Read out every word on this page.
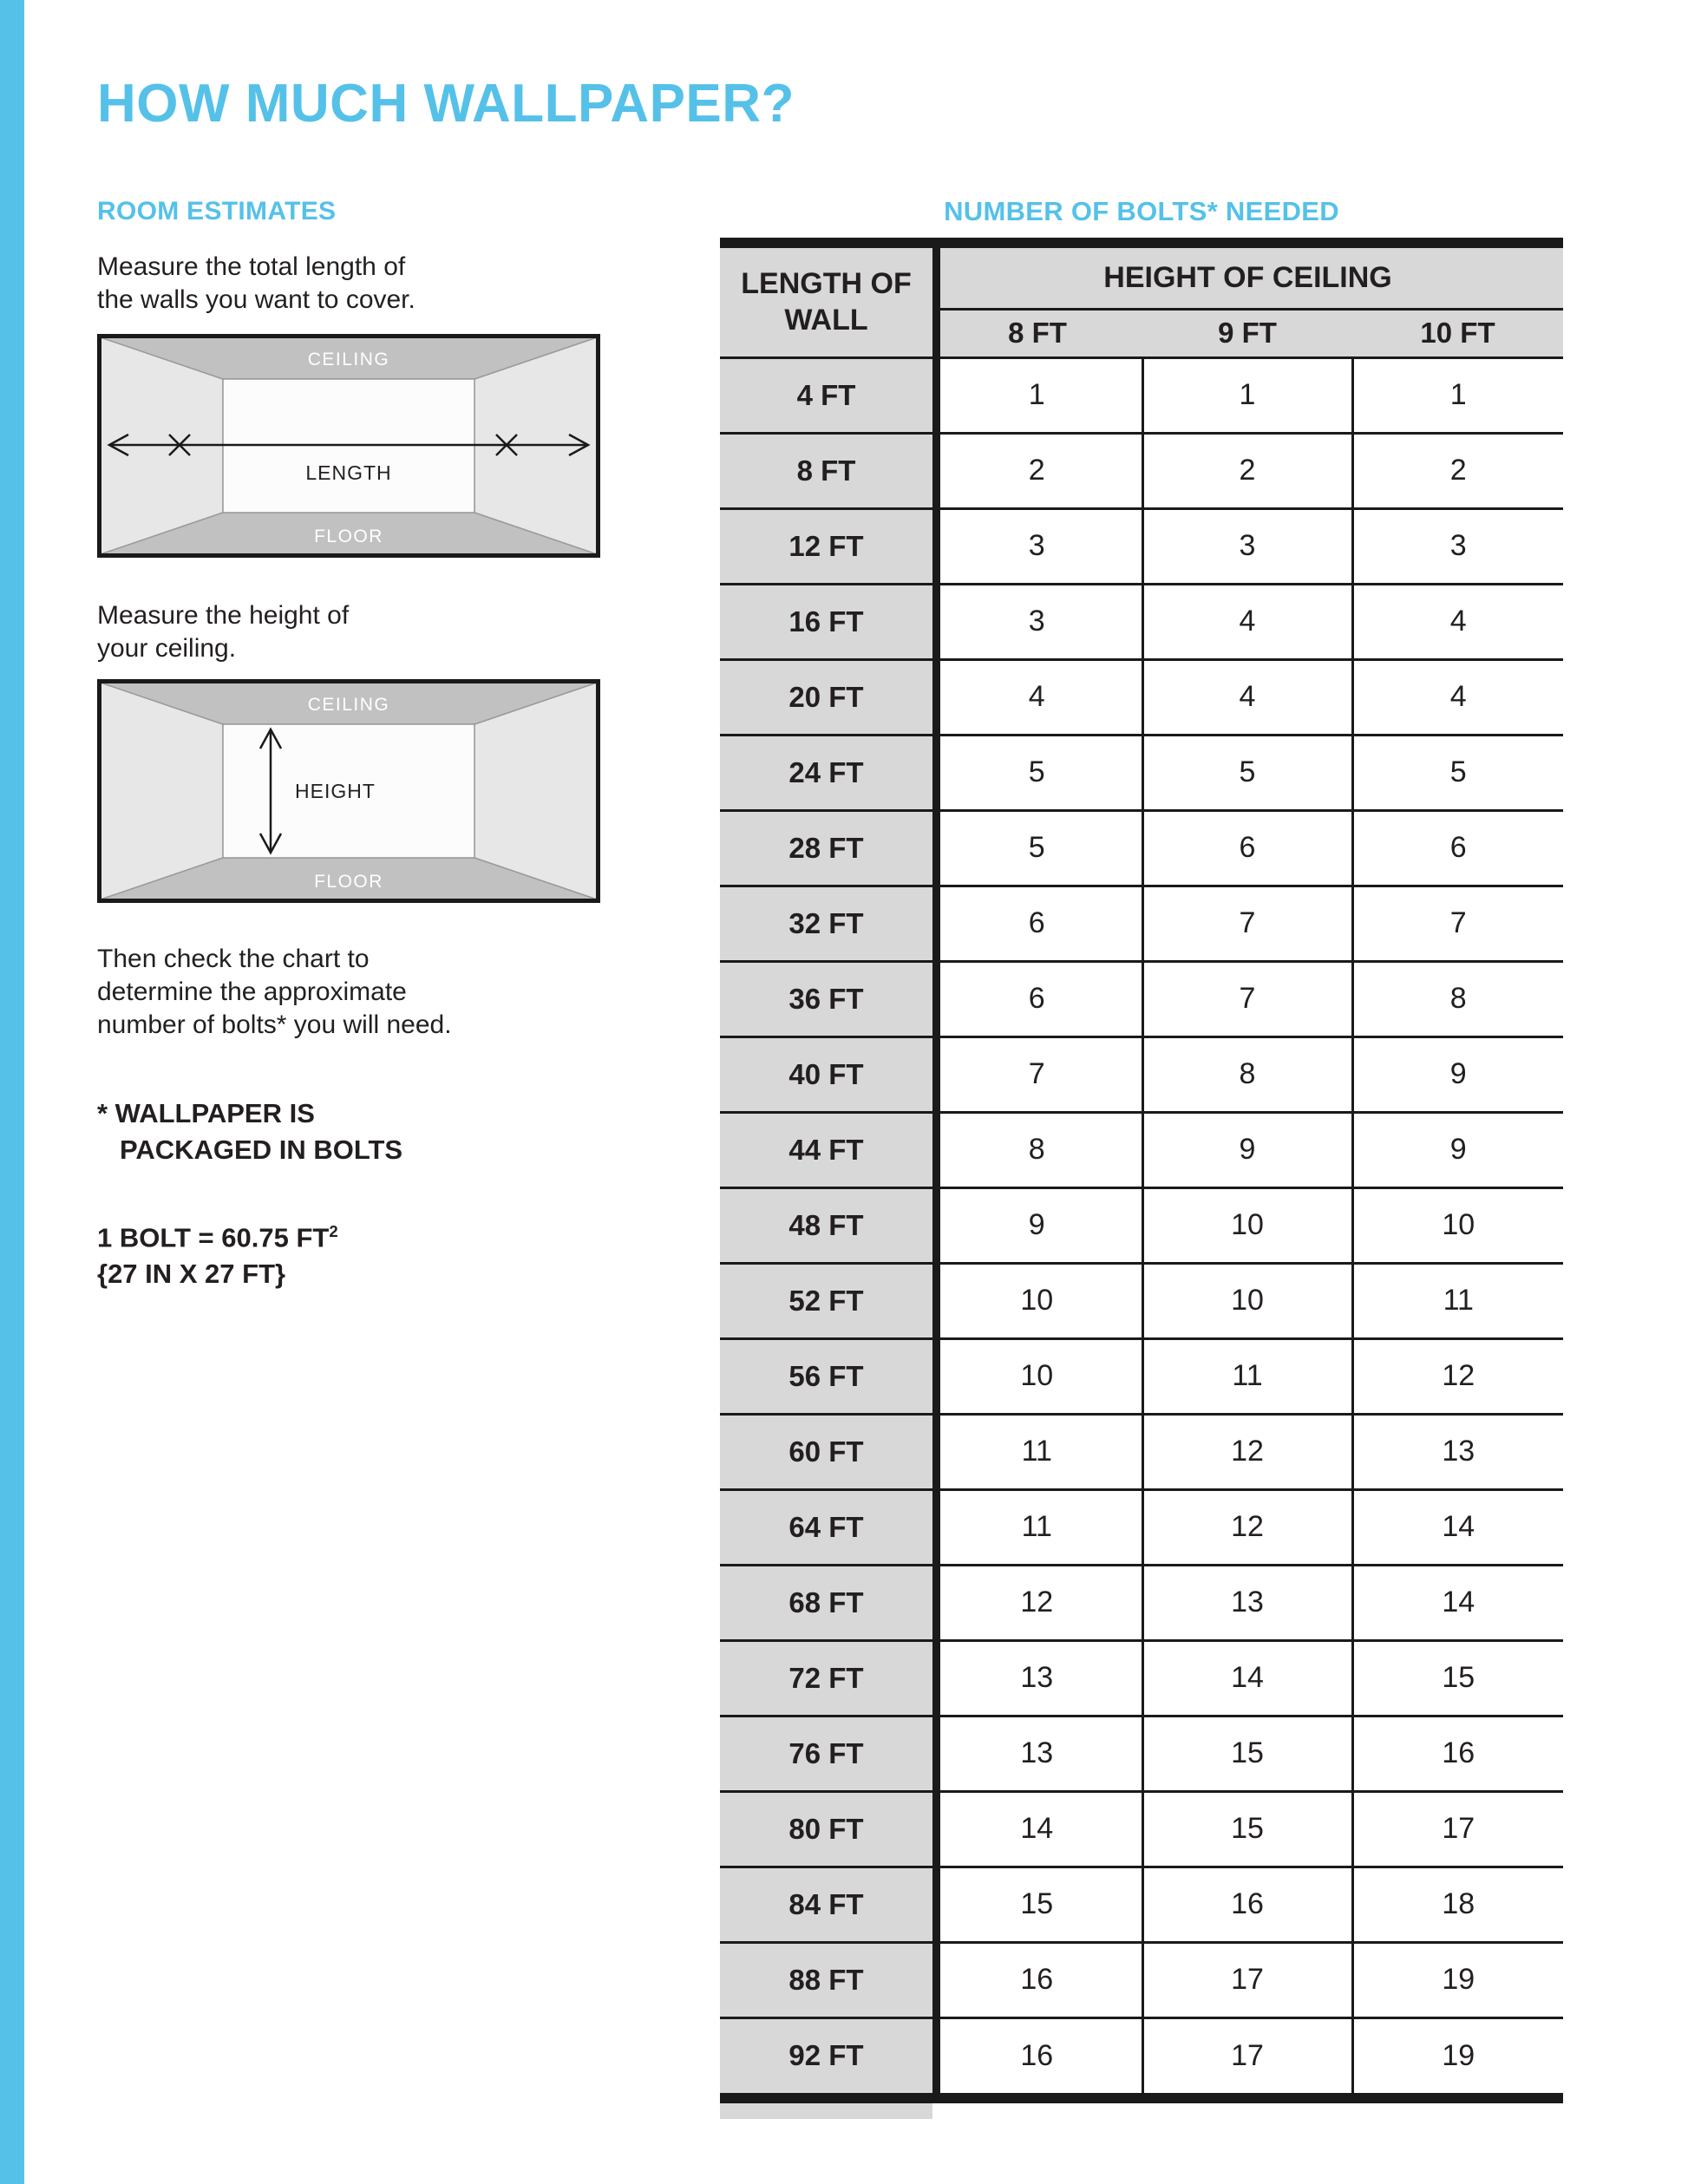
HOW MUCH WALLPAPER?
ROOM ESTIMATES

Measure the total length of
the walls you want to cover.

CEILING
FLOOR
LENGTH

Measure the height of
your ceiling.

CEILING
FLOOR
HEIGHT

Then check the chart to
determine the approximate
number of bolts* you will need.

* WALLPAPER IS
PACKAGED IN BOLTS
1 BOLT = 60.75 $FT^2$
{27 IN X 27 FT}
NUMBER OF BOLTS* NEEDED
LENGTH OF WALL	HEIGHT OF CEILING		
	8 FT	9 FT	10 FT
4 FT	1	1	1
8 FT	2	2	2
12 FT	3	3	3
16 FT	3	4	4
20 FT	4	4	4
24 FT	5	5	5
28 FT	5	6	6
32 FT	6	7	7
36 FT	6	7	8
40 FT	7	8	9
44 FT	8	9	9
48 FT	9	10	10
52 FT	10	10	11
56 FT	10	11	12
60 FT	11	12	13
64 FT	11	12	14
68 FT	12	13	14
72 FT	13	14	15
76 FT	13	15	16
80 FT	14	15	17
84 FT	15	16	18
88 FT	16	17	19
92 FT	16	17	19
